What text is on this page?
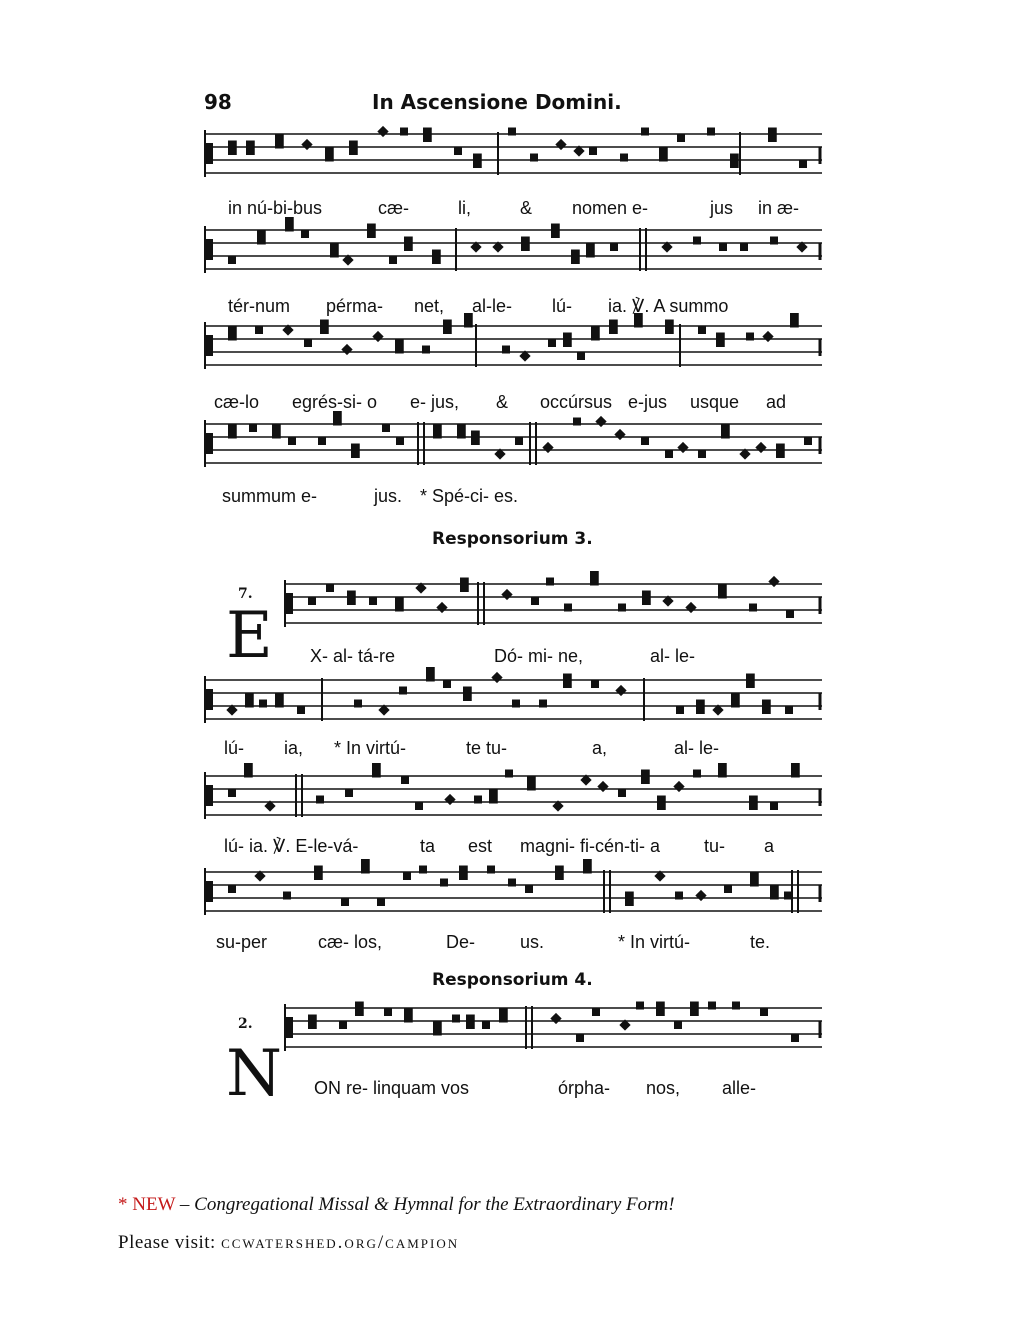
98	In Ascensione Domini.
in nú-bi-bus	cæ-	li,	& nomen e-	jus in æ-
tér-num pérma- net, al-le- lú- ia. ℣. A summo
cæ-lo egrés-si- o e- jus, & occúrsus e-jus usque ad
summum e-	jus. * Spé-ci- es.
Responsorium 3.
7.
E X- al- tá-re	Dó- mi- ne,	al- le-
lú- ia, * In virtú-	te tu-	a,	al- le-
lú- ia. ℣. E-le-vá-	ta est magni- fi-cén-ti- a tu- a
su-per	cæ- los,	De- us.	* In virtú-	te.
Responsorium 4.
2.
N ON re- linquam vos	órpha- nos, alle-
* NEW – Congregational Missal & Hymnal for the Extraordinary Form!
Please visit: ccwatershed.org/campion
